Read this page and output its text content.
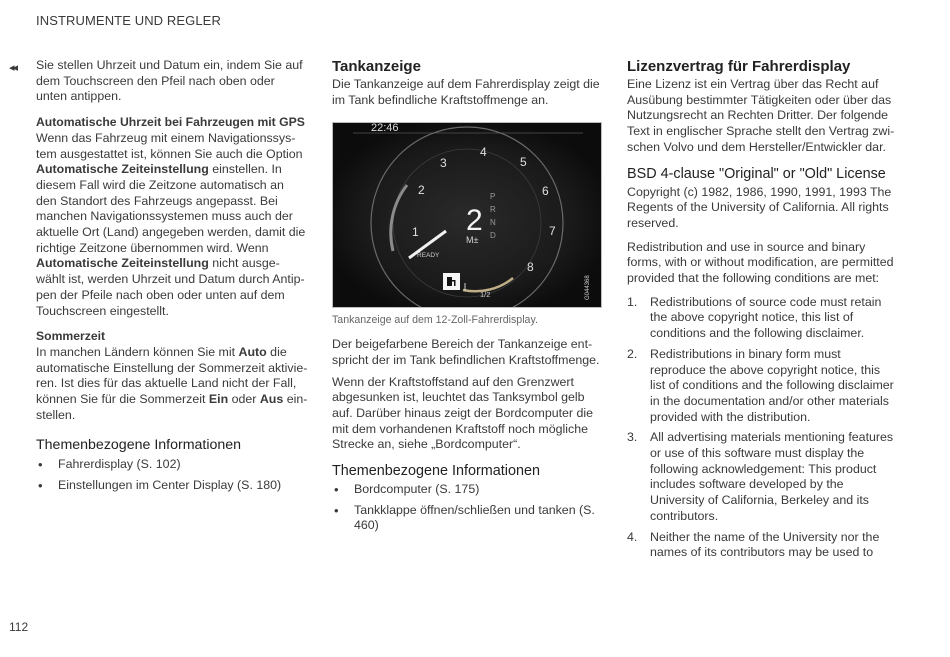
INSTRUMENTE UND REGLER
◂◂ Sie stellen Uhrzeit und Datum ein, indem Sie auf dem Touchscreen den Pfeil nach oben oder unten antippen.

Automatische Uhrzeit bei Fahrzeugen mit GPS

Wenn das Fahrzeug mit einem Navigationssys-tem ausgestattet ist, können Sie auch die Option Automatische Zeiteinstellung einstellen. In diesem Fall wird die Zeitzone automatisch an den Standort des Fahrzeugs angepasst. Bei manchen Navigationssystemen muss auch der aktuelle Ort (Land) angegeben werden, damit die richtige Zeitzone übernommen wird. Wenn Automatische Zeiteinstellung nicht ausge-wählt ist, werden Uhrzeit und Datum durch Antip-pen der Pfeile nach oben oder unten auf dem Touchscreen eingestellt.

Sommerzeit

In manchen Ländern können Sie mit Auto die automatische Einstellung der Sommerzeit aktivie-ren. Ist dies für das aktuelle Land nicht der Fall, können Sie für die Sommerzeit Ein oder Aus ein-stellen.

Themenbezogene Informationen
• Fahrerdisplay (S. 102)
• Einstellungen im Center Display (S. 180)
Tankanzeige

Die Tankanzeige auf dem Fahrerdisplay zeigt die im Tank befindliche Kraftstoffmenge an.

22:46
READY
1
2
3
4
5
6
7
8
2
M±
P
R
N
D
1/2	G044368
Tankanzeige auf dem 12-Zoll-Fahrerdisplay.

Der beigefarbene Bereich der Tankanzeige ent-spricht der im Tank befindlichen Kraftstoffmenge.

Wenn der Kraftstoffstand auf den Grenzwert abgesunken ist, leuchtet das Tanksymbol gelb auf. Darüber hinaus zeigt der Bordcomputer die mit dem vorhandenen Kraftstoff noch mögliche Strecke an, siehe „Bordcomputer“.

Themenbezogene Informationen
• Bordcomputer (S. 175)
• Tankklappe öffnen/schließen und tanken (S. 460)
Lizenzvertrag für Fahrerdisplay

Eine Lizenz ist ein Vertrag über das Recht auf Ausübung bestimmter Tätigkeiten oder über das Nutzungsrecht an Rechten Dritter. Der folgende Text in englischer Sprache stellt den Vertrag zwi-schen Volvo und dem Hersteller/Entwickler dar.

BSD 4-clause "Original" or "Old" License

Copyright (c) 1982, 1986, 1990, 1991, 1993 The Regents of the University of California. All rights reserved.

Redistribution and use in source and binary forms, with or without modification, are permitted provided that the following conditions are met:

1. Redistributions of source code must retain the above copyright notice, this list of conditions and the following disclaimer.
2. Redistributions in binary form must reproduce the above copyright notice, this list of conditions and the following disclaimer in the documentation and/or other materials provided with the distribution.
3. All advertising materials mentioning features or use of this software must display the following acknowledgement: This product includes software developed by the University of California, Berkeley and its contributors.
4. Neither the name of the University nor the names of its contributors may be used to
112
